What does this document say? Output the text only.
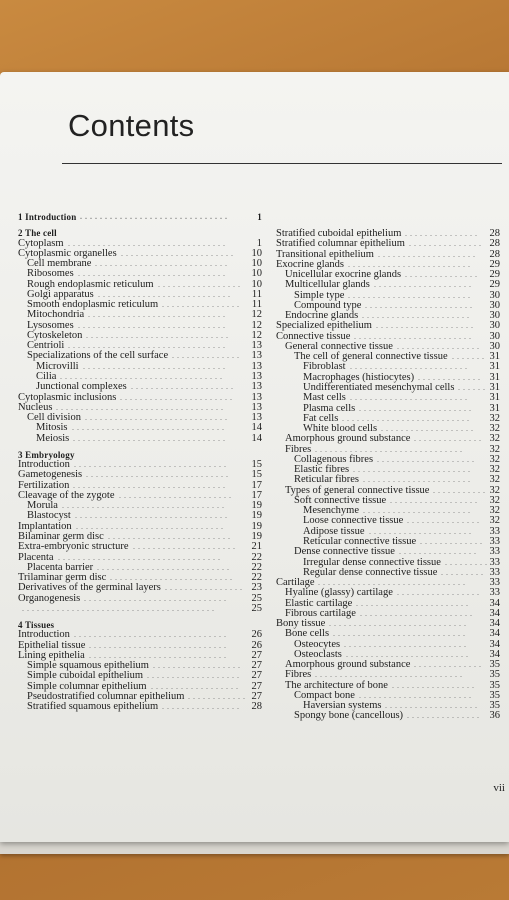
Contents
1 Introduction ..............................	1
2 The cell
Cytoplasm ................................	1
Cytoplasmic organelles .......................	10
Cell membrane ...........................	10
Ribosomes ..............................	10
Rough endoplasmic reticulum ................. 10
Golgi apparatus ...........................	11
Smooth endoplasmic reticulum ................ 11
Mitochondria ............................	12
Lysosomes ..............................	12
Cytoskeleton .............................	12
Centrioli ................................	13
Specializations of the cell surface .............. 13
Microvilli .............................	13
Cilia .................................	13
Junctional complexes .....................	13
Cytoplasmic inclusions .......................	13
Nucleus ..................................	13
Cell division .............................	13
Mitosis ...............................	14
Meiosis ...............................	14
3 Embryology
Introduction ...............................	15
Gametogenesis .............................	15
Fertilization ...............................	17
Cleavage of the zygote .......................	17
Morula .................................	19
Blastocyst ...............................	19
Implantation ..............................	19
Bilaminar germ disc .........................	19
Extra-embryonic structure .....................	21
Placenta .................................	22
Placenta barrier ...........................	22
Trilaminar germ disc .........................	22
Derivatives of the germinal layers ................ 23
Organogenesis .............................	25
.......................................	25
4 Tissues
Introduction ...............................	26
Epithelial tissue ............................	26
Lining epithelia ............................	27
Simple squamous epithelium .................. 27
Simple cuboidal epithelium ................... 27
Simple columnar epithelium .................. 27
Pseudostratified columnar epithelium ............ 27
Stratified squamous epithelium ................ 28
Stratified cuboidal epithelium ............... 28
Stratified columnar epithelium ............... 28
Transitional epithelium ....................	28
Exocrine glands .........................	29
Unicellular exocrine glands ............... 29
Multicellular glands ....................	29
Simple type .........................	30
Compound type ......................	30
Endocrine glands ......................	30
Specialized epithelium ....................	30
Connective tissue ........................	30
General connective tissue ................. 30
The cell of general connective tissue ....... 31
Fibroblast ........................	31
Macrophages (histiocytes) ............. 31
Undifferentiated mesenchymal cells ...... 31
Mast cells ........................	31
Plasma cells .......................	31
Fat cells ..........................	32
White blood cells ...................	32
Amorphous ground substance .............. 32
Fibres ..............................	32
Collagenous fibres ....................	32
Elastic fibres ........................	32
Reticular fibres ......................	32
Types of general connective tissue ........... 32
Soft connective tissue .................. 32
Mesenchyme ......................	32
Loose connective tissue ............... 32
Adipose tissue .....................	33
Reticular connective tissue ............. 33
Dense connective tissue ................ 33
Irregular dense connective tissue ......... 33
Regular dense connective tissue ......... 33
Cartilage ..............................	33
Hyaline (glassy) cartilage ................. 33
Elastic cartilage .......................	34
Fibrous cartilage .......................	34
Bony tissue ............................	34
Bone cells ...........................	34
Osteocytes .........................	34
Osteoclasts .........................	34
Amorphous ground substance .............. 35
Fibres ..............................	35
The architecture of bone .................	35
Compact bone .......................	35
Haversian systems ................... 35
Spongy bone (cancellous) ............... 36
vii
